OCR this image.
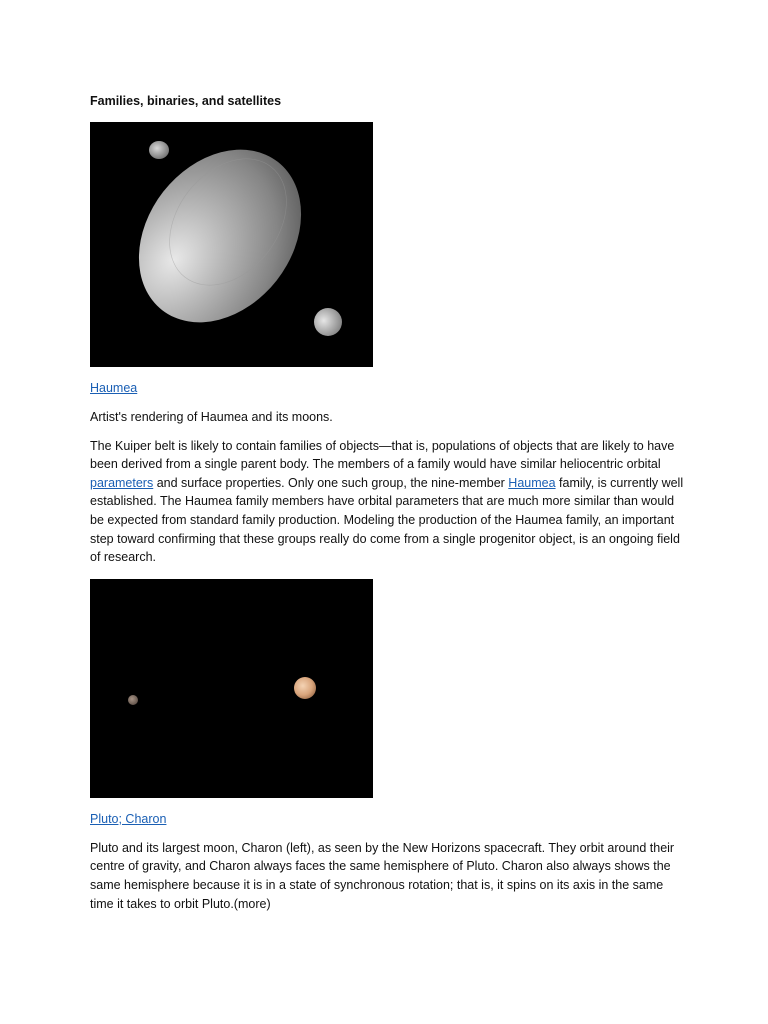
Families, binaries, and satellites
Haumea

Artist's rendering of Haumea and its moons.

The Kuiper belt is likely to contain families of objects—that is, populations of objects that are likely to have been derived from a single parent body. The members of a family would have similar heliocentric orbital parameters and surface properties. Only one such group, the nine-member Haumea family, is currently well established. The Haumea family members have orbital parameters that are much more similar than would be expected from standard family production. Modeling the production of the Haumea family, an important step toward confirming that these groups really do come from a single progenitor object, is an ongoing field of research.

Pluto; Charon

Pluto and its largest moon, Charon (left), as seen by the New Horizons spacecraft. They orbit around their centre of gravity, and Charon always faces the same hemisphere of Pluto. Charon also always shows the same hemisphere because it is in a state of synchronous rotation; that is, it spins on its axis in the same time it takes to orbit Pluto.(more)
